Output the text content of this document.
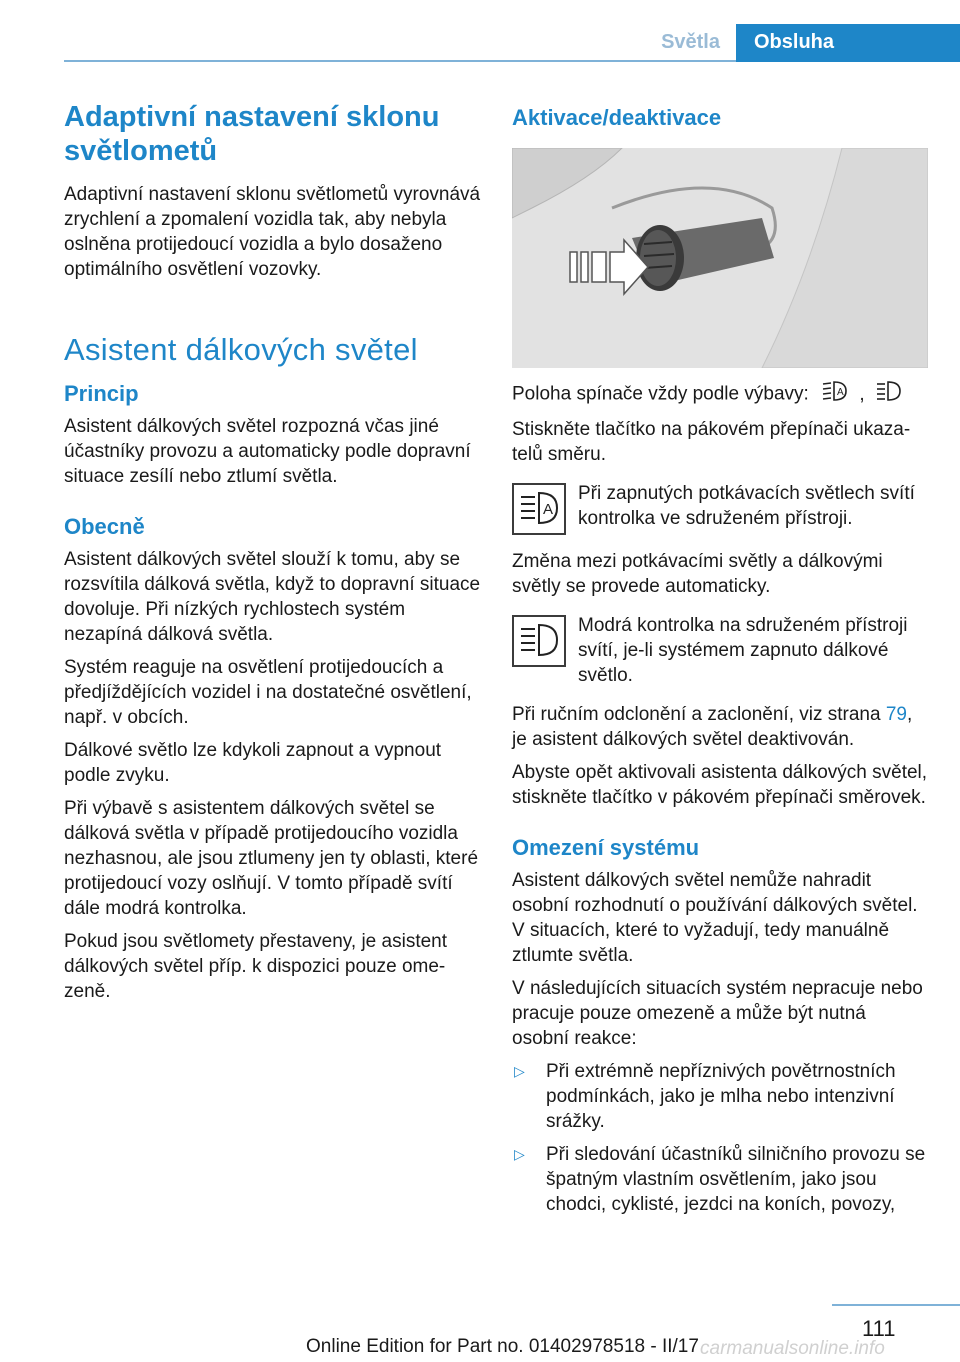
Světla	Obsluha
Adaptivní nastavení sklonu světlometů

Adaptivní nastavení sklonu světlometů vyrovnává zrychlení a zpomalení vozidla tak, aby nebyla oslněna protijedoucí vozidla a bylo dosaženo optimálního osvětlení vozovky.

Asistent dálkových světel
Princip

Asistent dálkových světel rozpozná včas jiné účastníky provozu a automaticky podle dopravní situace zesílí nebo ztlumí světla.

Obecně

Asistent dálkových světel slouží k tomu, aby se rozsvítila dálková světla, když to dopravní situace dovoluje. Při nízkých rychlostech systém nezapíná dálková světla.

Systém reaguje na osvětlení protijedoucích a předjíždějících vozidel i na dostatečné osvětlení, např. v obcích.

Dálkové světlo lze kdykoli zapnout a vypnout podle zvyku.

Při výbavě s asistentem dálkových světel se dálková světla v případě protijedoucího vozidla nezhasnou, ale jsou ztlumeny jen ty oblasti, které protijedoucí vozy oslňují. V tomto případě svítí dále modrá kontrolka.

Pokud jsou světlomety přestaveny, je asistent dálkových světel příp. k dispozici pouze omezeně.

Aktivace/deaktivace

Poloha spínače vždy podle výbavy:	A ,

Stiskněte tlačítko na pákovém přepínači ukazatelů směru.

A

Při zapnutých potkávacích světlech svítí kontrolka ve sdruženém přístroji.

Změna mezi potkávacími světly a dálkovými světly se provede automaticky.

Modrá kontrolka na sdruženém přístroji svítí, je-li systémem zapnuto dálkové světlo.

Při ručním odclonění a zaclonění, viz strana 79, je asistent dálkových světel deaktivován.

Abyste opět aktivovali asistenta dálkových světel, stiskněte tlačítko v pákovém přepínači směrovek.

Omezení systému

Asistent dálkových světel nemůže nahradit osobní rozhodnutí o používání dálkových světel. V situacích, které to vyžadují, tedy manuálně ztlumte světla.

V následujících situacích systém nepracuje nebo pracuje pouze omezeně a může být nutná osobní reakce:

▷ Při extrémně nepříznivých povětrnostních podmínkách, jako je mlha nebo intenzivní srážky.
▷ Při sledování účastníků silničního provozu se špatným vlastním osvětlením, jako jsou chodci, cyklisté, jezdci na koních, povozy,
111
carmanualsonline.info
Online Edition for Part no. 01402978518 - II/17
